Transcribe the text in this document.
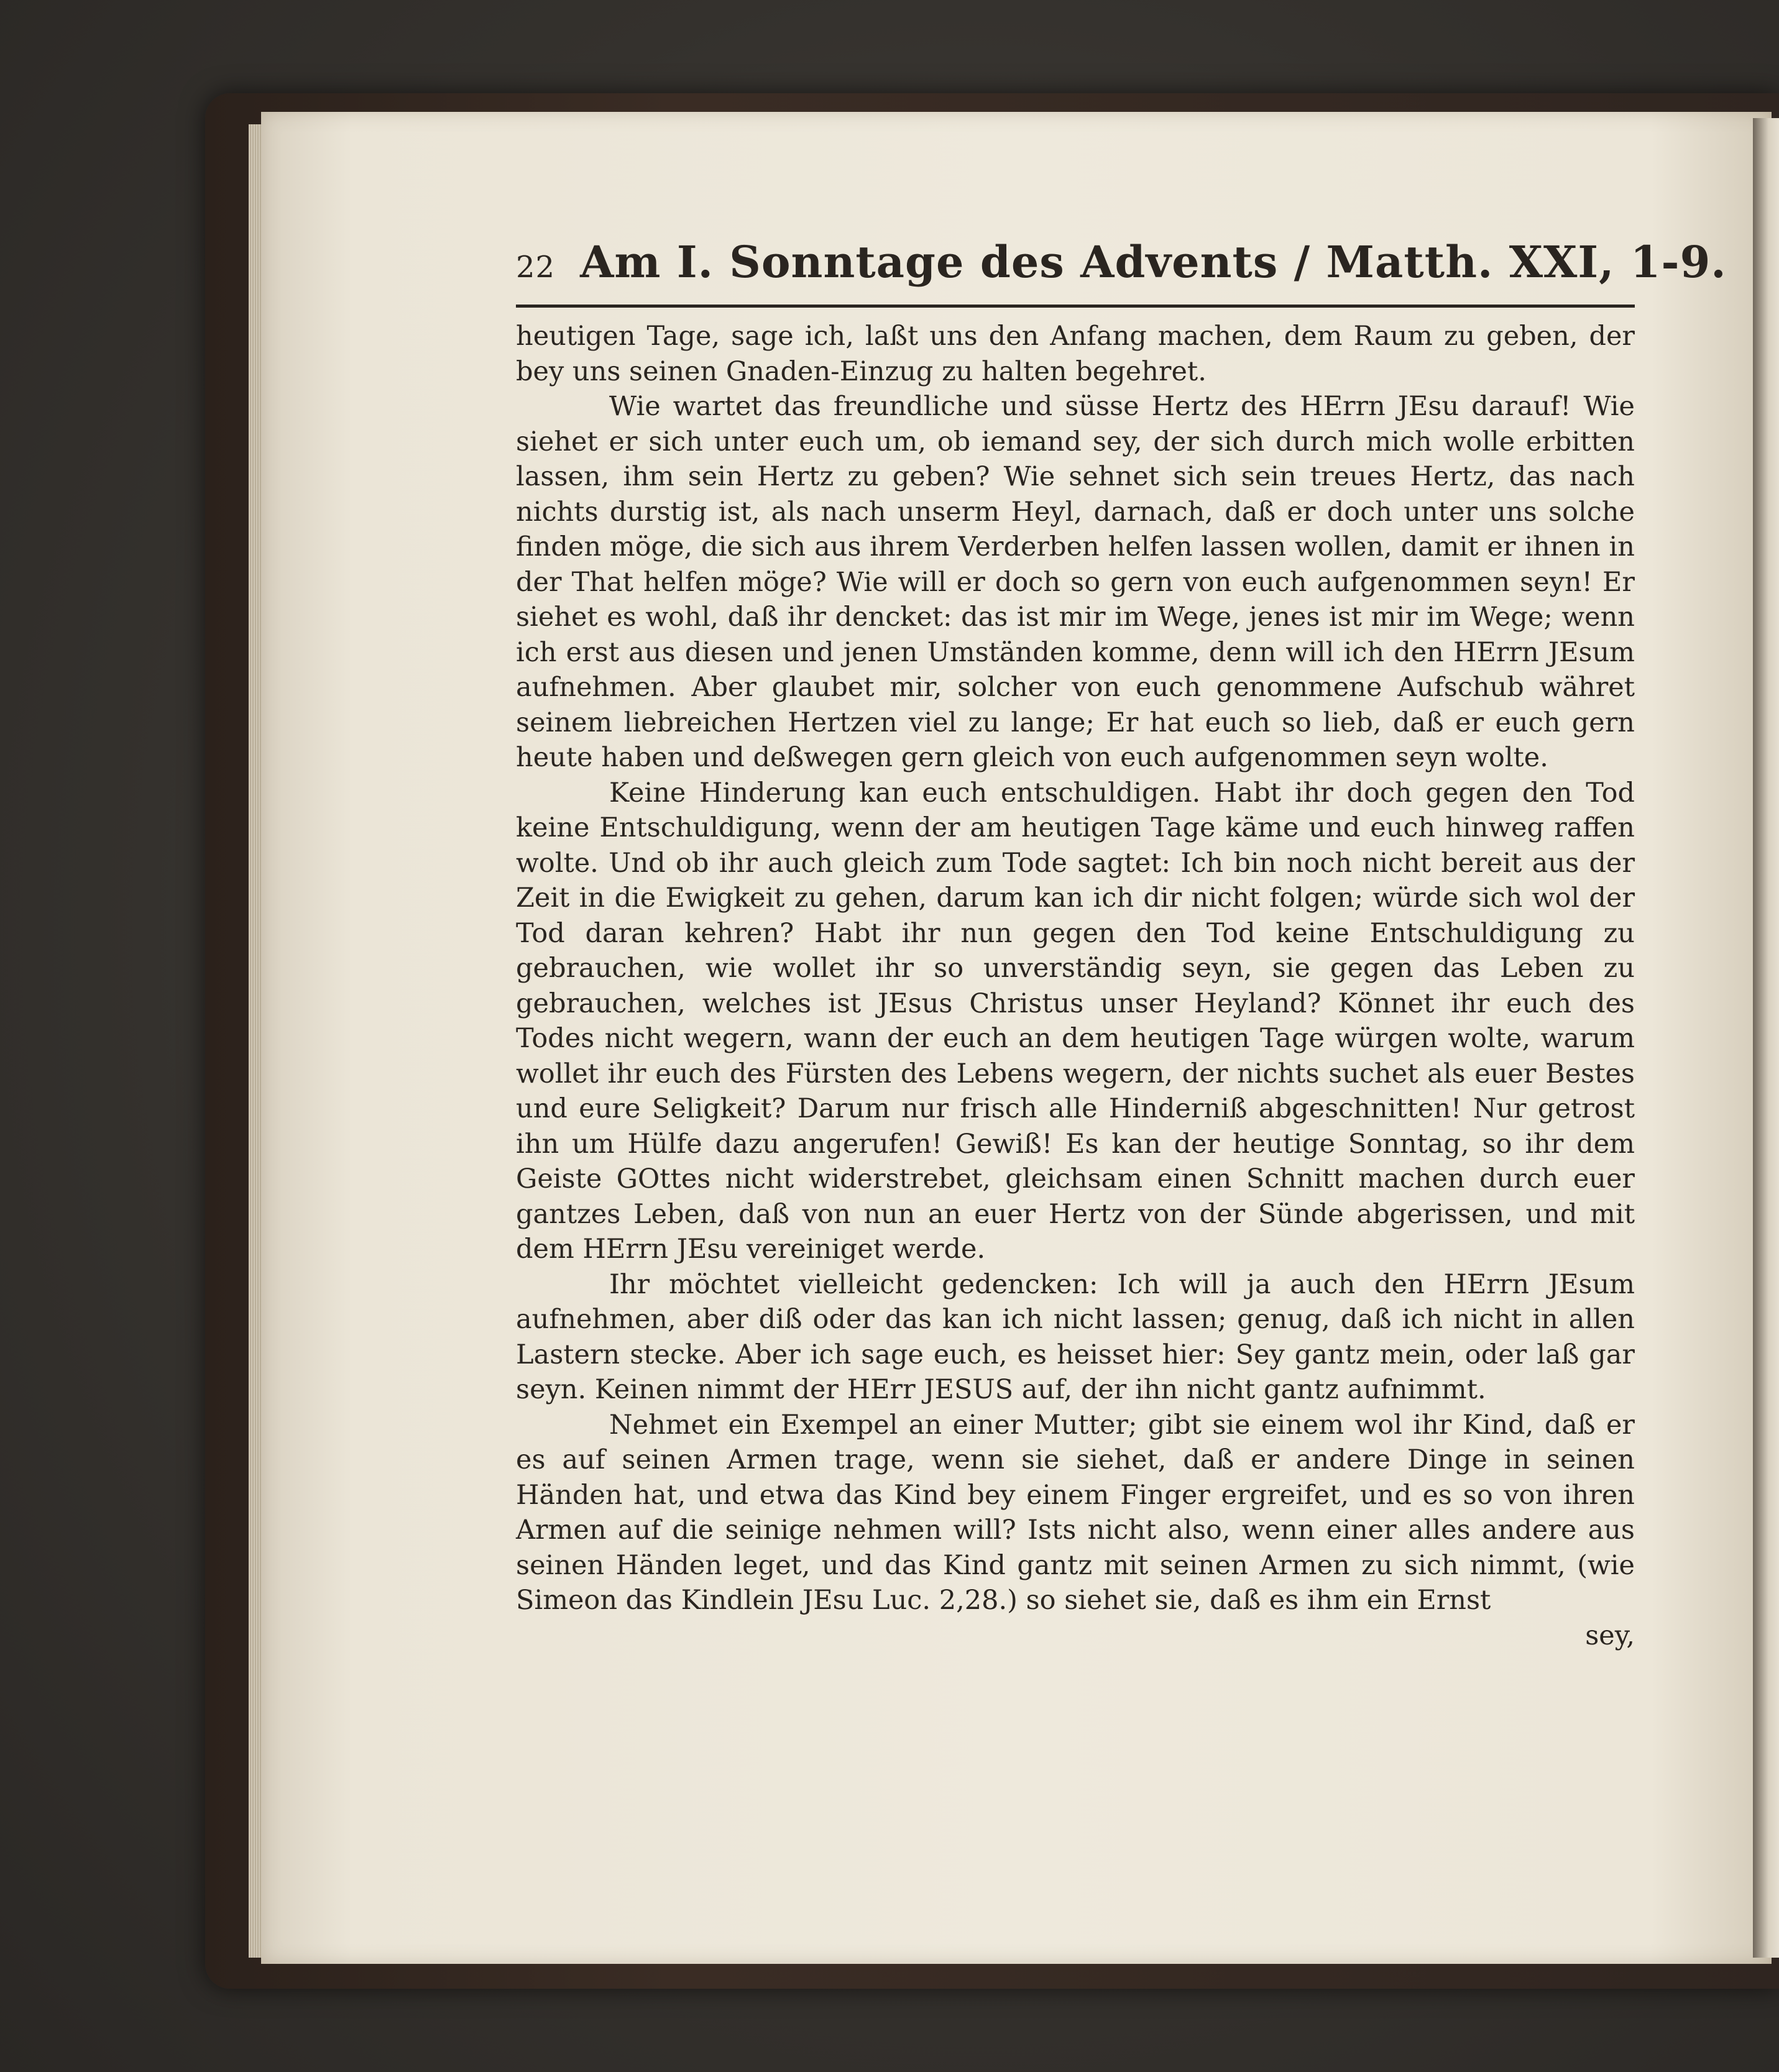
22 Am I. Sonntage des Advents / Matth. XXI, 1-9.

heutigen Tage, sage ich, laßt uns den Anfang machen, dem Raum zu geben, der bey uns seinen Gnaden-Einzug zu halten begehret.

Wie wartet das freundliche und süsse Hertz des HErrn JEsu darauf! Wie siehet er sich unter euch um, ob iemand sey, der sich durch mich wolle erbitten lassen, ihm sein Hertz zu geben? Wie sehnet sich sein treues Hertz, das nach nichts durstig ist, als nach unserm Heyl, darnach, daß er doch unter uns solche finden möge, die sich aus ihrem Verderben helfen lassen wollen, damit er ihnen in der That helfen möge? Wie will er doch so gern von euch aufgenommen seyn! Er siehet es wohl, daß ihr dencket: das ist mir im Wege, jenes ist mir im Wege; wenn ich erst aus diesen und jenen Umständen komme, denn will ich den HErrn JEsum aufnehmen. Aber glaubet mir, solcher von euch genommene Aufschub währet seinem liebreichen Hertzen viel zu lange; Er hat euch so lieb, daß er euch gern heute haben und deßwegen gern gleich von euch aufgenommen seyn wolte.

Keine Hinderung kan euch entschuldigen. Habt ihr doch gegen den Tod keine Entschuldigung, wenn der am heutigen Tage käme und euch hinweg raffen wolte. Und ob ihr auch gleich zum Tode sagtet: Ich bin noch nicht bereit aus der Zeit in die Ewigkeit zu gehen, darum kan ich dir nicht folgen; würde sich wol der Tod daran kehren? Habt ihr nun gegen den Tod keine Entschuldigung zu gebrauchen, wie wollet ihr so unverständig seyn, sie gegen das Leben zu gebrauchen, welches ist JEsus Christus unser Heyland? Könnet ihr euch des Todes nicht wegern, wann der euch an dem heutigen Tage würgen wolte, warum wollet ihr euch des Fürsten des Lebens wegern, der nichts suchet als euer Bestes und eure Seligkeit? Darum nur frisch alle Hinderniß abgeschnitten! Nur getrost ihn um Hülfe dazu angerufen! Gewiß! Es kan der heutige Sonntag, so ihr dem Geiste GOttes nicht widerstrebet, gleichsam einen Schnitt machen durch euer gantzes Leben, daß von nun an euer Hertz von der Sünde abgerissen, und mit dem HErrn JEsu vereiniget werde.

Ihr möchtet vielleicht gedencken: Ich will ja auch den HErrn JEsum aufnehmen, aber diß oder das kan ich nicht lassen; genug, daß ich nicht in allen Lastern stecke. Aber ich sage euch, es heisset hier: Sey gantz mein, oder laß gar seyn. Keinen nimmt der HErr JESUS auf, der ihn nicht gantz aufnimmt.

Nehmet ein Exempel an einer Mutter; gibt sie einem wol ihr Kind, daß er es auf seinen Armen trage, wenn sie siehet, daß er andere Dinge in seinen Händen hat, und etwa das Kind bey einem Finger ergreifet, und es so von ihren Armen auf die seinige nehmen will? Ists nicht also, wenn einer alles andere aus seinen Händen leget, und das Kind gantz mit seinen Armen zu sich nimmt, (wie Simeon das Kindlein JEsu Luc. 2,28.) so siehet sie, daß es ihm ein Ernst

sey,
